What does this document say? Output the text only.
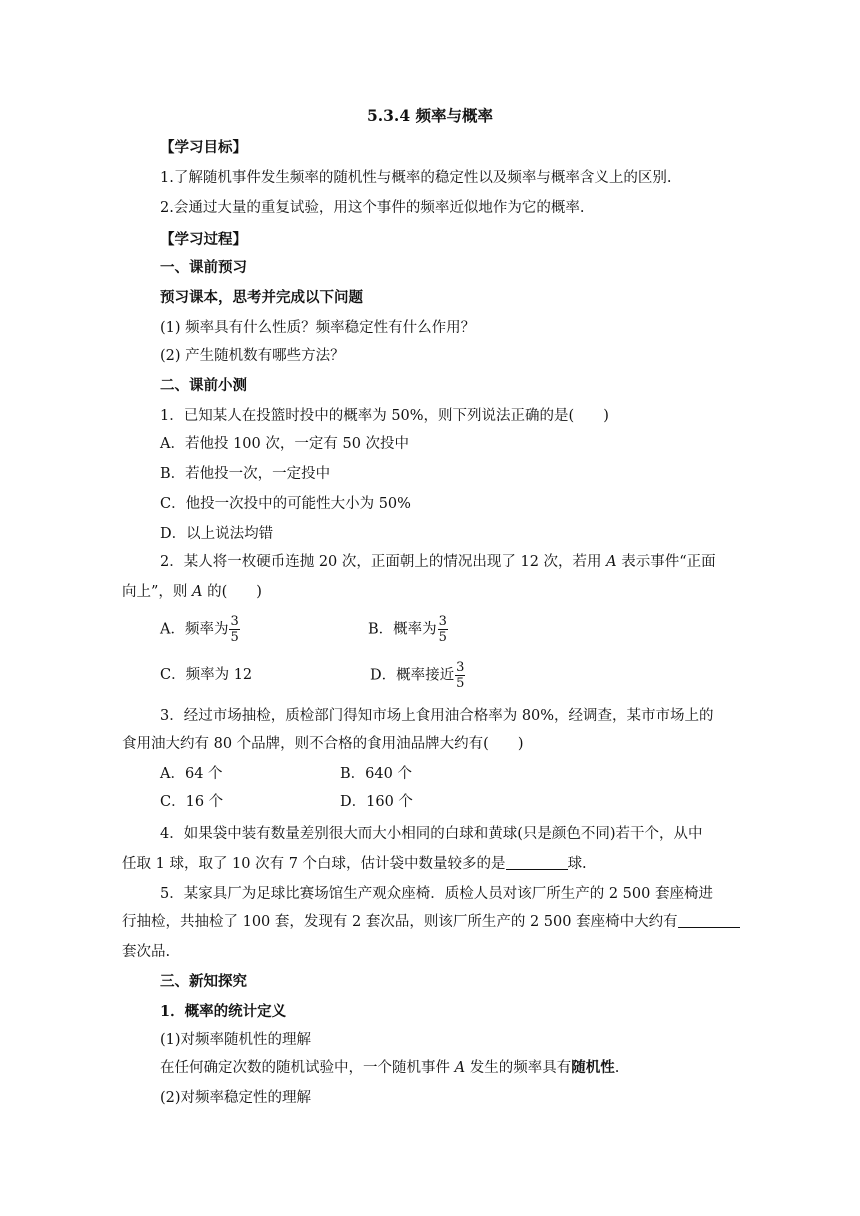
5.3.4 频率与概率
【学习目标】
1.了解随机事件发生频率的随机性与概率的稳定性以及频率与概率含义上的区别.
2.会通过大量的重复试验，用这个事件的频率近似地作为它的概率.
【学习过程】
一、课前预习
预习课本，思考并完成以下问题
(1) 频率具有什么性质？频率稳定性有什么作用？
(2) 产生随机数有哪些方法？
二、课前小测
1．已知某人在投篮时投中的概率为 50%，则下列说法正确的是(　　)
A．若他投 100 次，一定有 50 次投中
B．若他投一次，一定投中
C．他投一次投中的可能性大小为 50%
D．以上说法均错
2．某人将一枚硬币连抛 20 次，正面朝上的情况出现了 12 次，若用 A 表示事件“正面
向上”，则 A 的(　　)
A．频率为 $\frac{3}{5}$	B．概率为 $\frac{3}{5}$
C．频率为 12	D．概率接近 $\frac{3}{5}$
3．经过市场抽检，质检部门得知市场上食用油合格率为 80%，经调查，某市市场上的
食用油大约有 80 个品牌，则不合格的食用油品牌大约有(　　)
A．64 个	B．640 个
C．16 个	D．160 个
4．如果袋中装有数量差别很大而大小相同的白球和黄球(只是颜色不同)若干个，从中
任取 1 球，取了 10 次有 7 个白球，估计袋中数量较多的是	球.
5．某家具厂为足球比赛场馆生产观众座椅．质检人员对该厂所生产的 2 500 套座椅进
行抽检，共抽检了 100 套，发现有 2 套次品，则该厂所生产的 2 500 套座椅中大约有
套次品.
三、新知探究
1．概率的统计定义
(1)对频率随机性的理解
在任何确定次数的随机试验中，一个随机事件 A 发生的频率具有随机性.
(2)对频率稳定性的理解
